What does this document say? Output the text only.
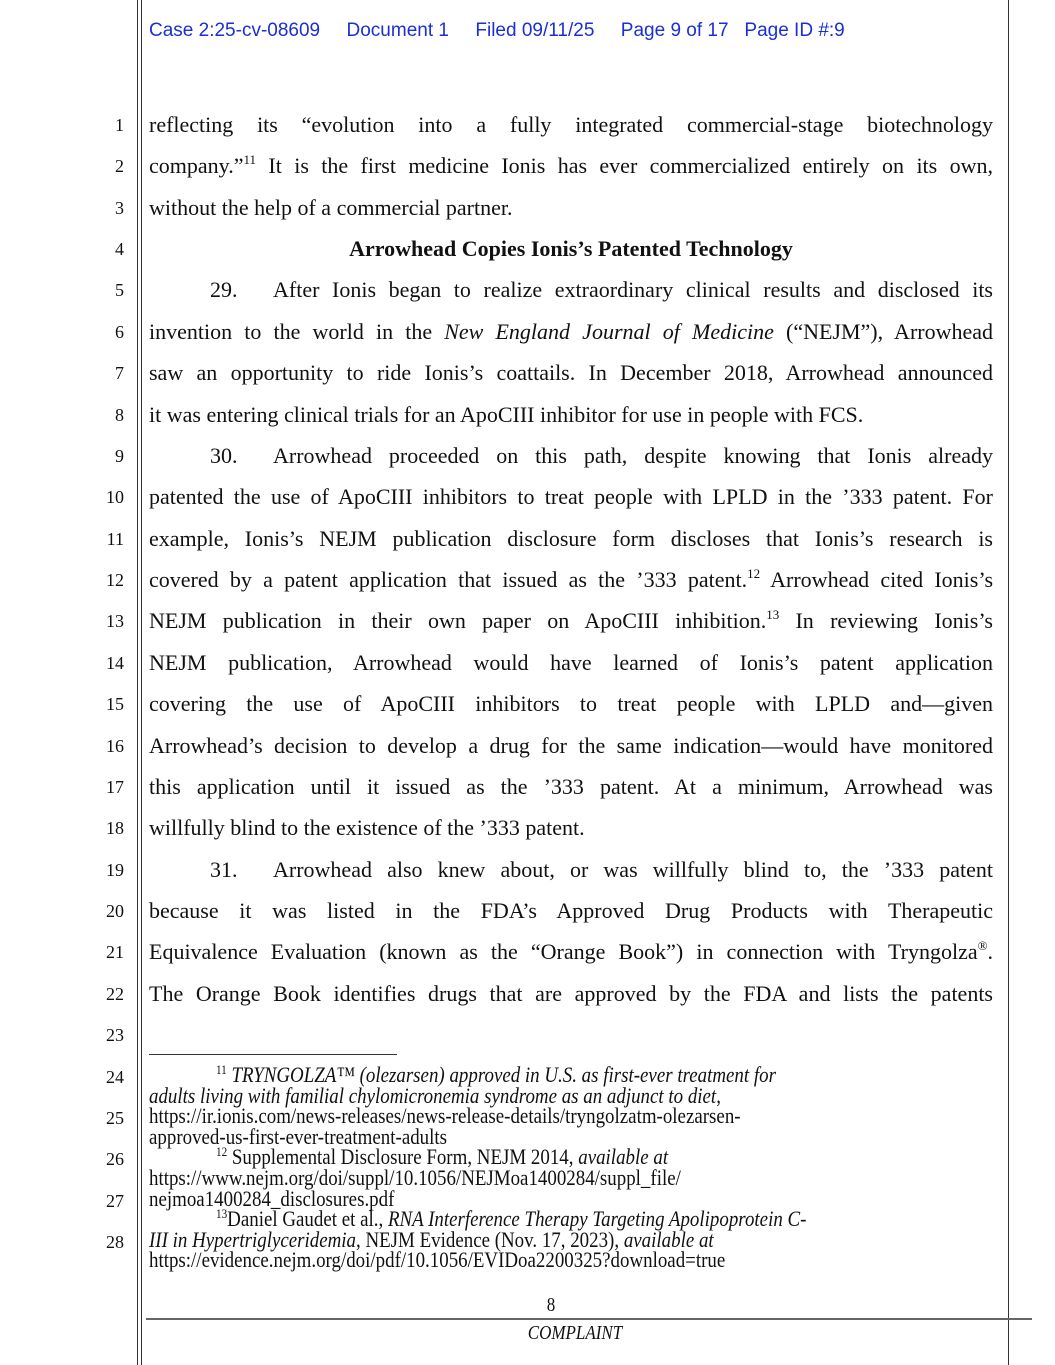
Case 2:25-cv-08609 Document 1 Filed 09/11/25 Page 9 of 17 Page ID #:9
1
2
3
4
5
6
7
8
9
10
11
12
13
14
15
16
17
18
19
20
21
22
23
24
25
26
27
28
reflecting its “evolution into a fully integrated commercial-stage biotechnology
company.”$^{11}$ It is the first medicine Ionis has ever commercialized entirely on its own,
without the help of a commercial partner.
Arrowhead Copies Ionis’s Patented Technology
29. After Ionis began to realize extraordinary clinical results and disclosed its
invention to the world in the New England Journal of Medicine (“NEJM”), Arrowhead
saw an opportunity to ride Ionis’s coattails. In December 2018, Arrowhead announced
it was entering clinical trials for an ApoCIII inhibitor for use in people with FCS.
30. Arrowhead proceeded on this path, despite knowing that Ionis already
patented the use of ApoCIII inhibitors to treat people with LPLD in the ’333 patent. For
example, Ionis’s NEJM publication disclosure form discloses that Ionis’s research is
covered by a patent application that issued as the ’333 patent.$^{12}$ Arrowhead cited Ionis’s
NEJM publication in their own paper on ApoCIII inhibition.$^{13}$ In reviewing Ionis’s
NEJM publication, Arrowhead would have learned of Ionis’s patent application
covering the use of ApoCIII inhibitors to treat people with LPLD and—given
Arrowhead’s decision to develop a drug for the same indication—would have monitored
this application until it issued as the ’333 patent. At a minimum, Arrowhead was
willfully blind to the existence of the ’333 patent.
31. Arrowhead also knew about, or was willfully blind to, the ’333 patent
because it was listed in the FDA’s Approved Drug Products with Therapeutic
Equivalence Evaluation (known as the “Orange Book”) in connection with Tryngolza®.
The Orange Book identifies drugs that are approved by the FDA and lists the patents
$^{11}$ TRYNGOLZA™ (olezarsen) approved in U.S. as first-ever treatment for
adults living with familial chylomicronemia syndrome as an adjunct to diet,
https://ir.ionis.com/news-releases/news-release-details/tryngolzatm-olezarsen-
approved-us-first-ever-treatment-adults
$^{12}$ Supplemental Disclosure Form, NEJM 2014, available at
https://www.nejm.org/doi/suppl/10.1056/NEJMoa1400284/suppl_file/
nejmoa1400284_disclosures.pdf
$^{13}$Daniel Gaudet et al., RNA Interference Therapy Targeting Apolipoprotein C-
III in Hypertriglyceridemia, NEJM Evidence (Nov. 17, 2023), available at
https://evidence.nejm.org/doi/pdf/10.1056/EVIDoa2200325?download=true
8
COMPLAINT
